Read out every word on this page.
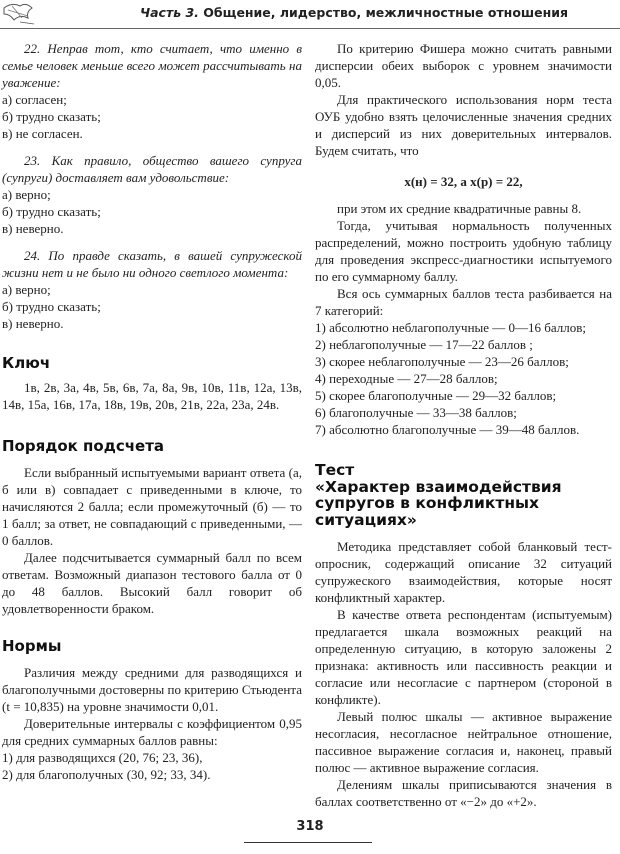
Часть 3. Общение, лидерство, межличностные отношения

22. Неправ тот, кто считает, что именно в семье человек меньше всего может рассчитывать на уважение:

а) согласен;

б) трудно сказать;

в) не согласен.

23. Как правило, общество вашего супруга (супруги) доставляет вам удовольствие:

а) верно;

б) трудно сказать;

в) неверно.

24. По правде сказать, в вашей супружеской жизни нет и не было ни одного светлого момента:

а) верно;

б) трудно сказать;

в) неверно.

Ключ

1в, 2в, 3а, 4в, 5в, 6в, 7а, 8а, 9в, 10в, 11в, 12а, 13в, 14в, 15а, 16в, 17а, 18в, 19в, 20в, 21в, 22а, 23а, 24в.

Порядок подсчета

Если выбранный испытуемыми вариант ответа (а, б или в) совпадает с приведенными в ключе, то начисляются 2 балла; если промежуточный (б) — то 1 балл; за ответ, не совпадающий с приведенными, — 0 баллов.

Далее подсчитывается суммарный балл по всем ответам. Возможный диапазон тестового балла от 0 до 48 баллов. Высокий балл говорит об удовлетворенности браком.

Нормы

Различия между средними для разводящихся и благополучными достоверны по критерию Стьюдента (t = 10,835) на уровне значимости 0,01.

Доверительные интервалы с коэффициентом 0,95 для средних суммарных баллов равны:

1) для разводящихся (20, 76; 23, 36),

2) для благополучных (30, 92; 33, 34).

По критерию Фишера можно считать равными дисперсии обеих выборок с уровнем значимости 0,05.

Для практического использования норм теста ОУБ удобно взять целочисленные значения средних и дисперсий из них доверительных интервалов. Будем считать, что

х(н) = 32, а х(р) = 22,

при этом их средние квадратичные равны 8.

Тогда, учитывая нормальность полученных распределений, можно построить удобную таблицу для проведения экспресс-диагностики испытуемого по его суммарному баллу.

Вся ось суммарных баллов теста разбивается на 7 категорий:

1) абсолютно неблагополучные — 0—16 баллов;

2) неблагополучные — 17—22 баллов ;

3) скорее неблагополучные — 23—26 баллов;

4) переходные — 27—28 баллов;

5) скорее благополучные — 29—32 баллов;

6) благополучные — 33—38 баллов;

7) абсолютно благополучные — 39—48 баллов.

Тест
«Характер взаимодействия
супругов в конфликтных
ситуациях»

Методика представляет собой бланковый тест-опросник, содержащий описание 32 ситуаций супружеского взаимодействия, которые носят конфликтный характер.

В качестве ответа респондентам (испытуемым) предлагается шкала возможных реакций на определенную ситуацию, в которую заложены 2 признака: активность или пассивность реакции и согласие или несогласие с партнером (стороной в конфликте).

Левый полюс шкалы — активное выражение несогласия, несогласное нейтральное отношение, пассивное выражение согласия и, наконец, правый полюс — активное выражение согласия.

Делениям шкалы приписываются значения в баллах соответственно от «−2» до «+2».

318
